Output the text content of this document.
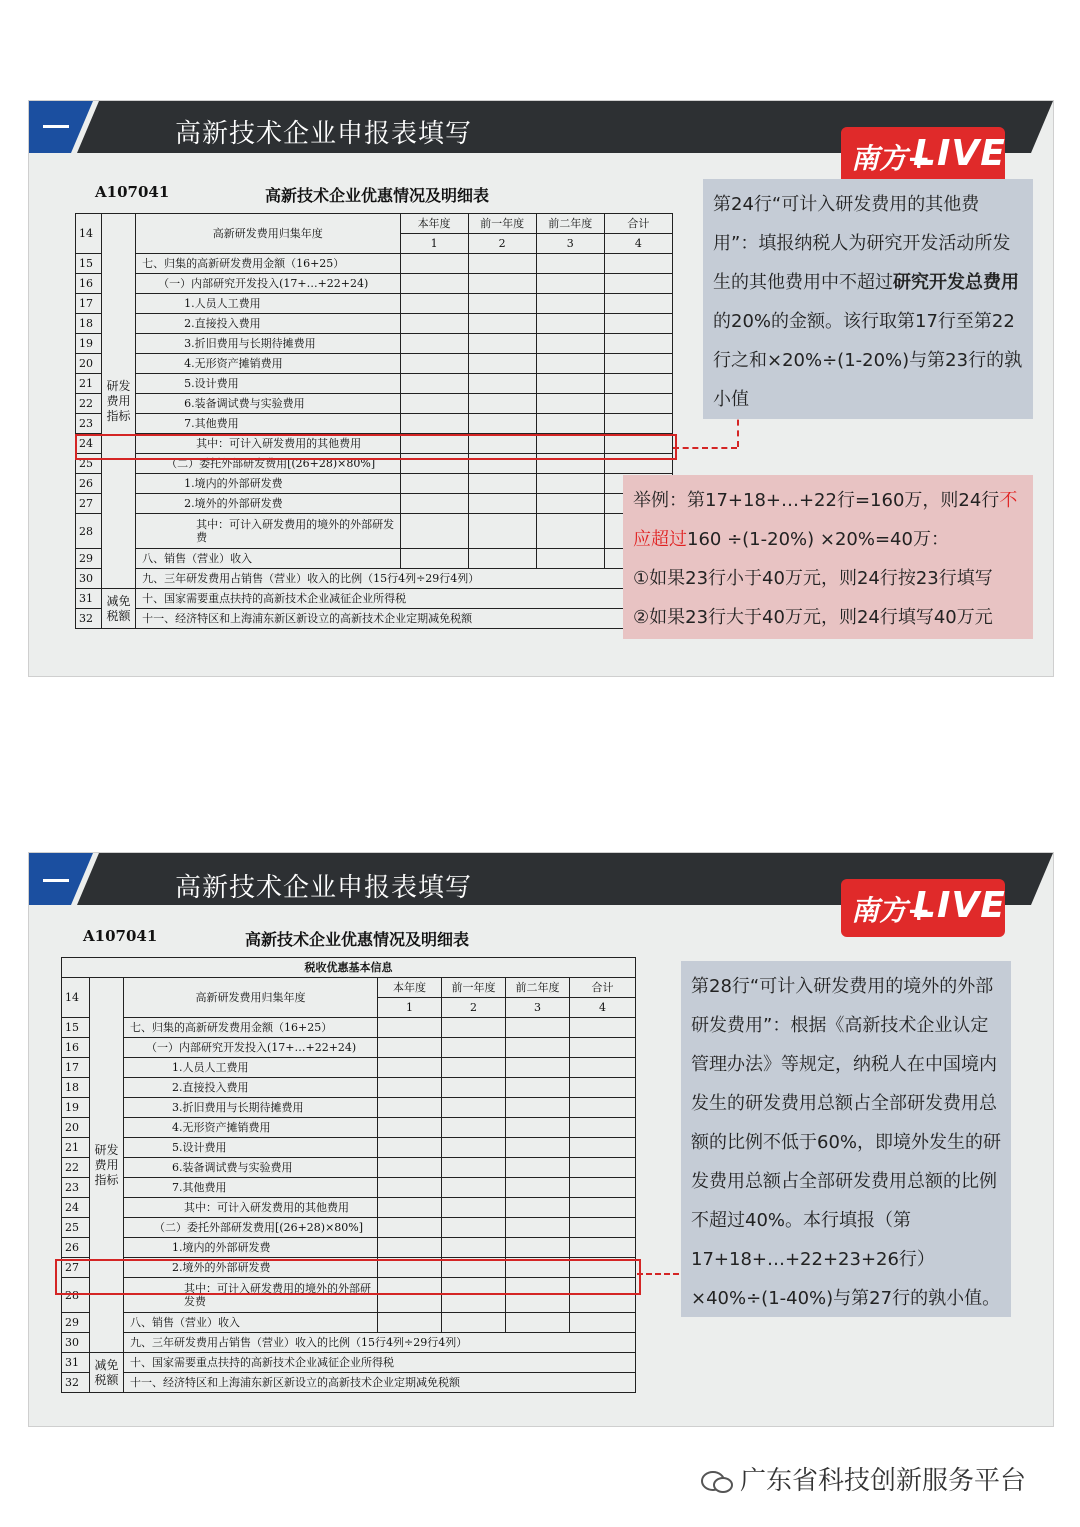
高新技术企业申报表填写
南方+
LIVE
A107041	高新技术企业优惠情况及明细表
14	研发费用指标	高新研发费用归集年度	本年度	前一年度	前二年度	合计
			1	2	3	4
15		七、归集的高新研发费用金额（16+25）				
16		（一）内部研究开发投入(17+…+22+24)				
17		1.人员人工费用				
18		2.直接投入费用				
19		3.折旧费用与长期待摊费用				
20		4.无形资产摊销费用				
21		5.设计费用				
22		6.装备调试费与实验费用				
23		7.其他费用				
24		其中：可计入研发费用的其他费用				
25		（二）委托外部研发费用[(26+28)×80%]				
26		1.境内的外部研发费				
27		2.境外的外部研发费				
28		其中：可计入研发费用的境外的外部研发费				
29		八、销售（营业）收入				
30		九、三年研发费用占销售（营业）收入的比例（15行4列÷29行4列）				
31	减免税额	十、国家需要重点扶持的高新技术企业减征企业所得税				
32		十一、经济特区和上海浦东新区新设立的高新技术企业定期减免税额				
第24行“可计入研发费用的其他费用”：填报纳税人为研究开发活动所发生的其他费用中不超过研究开发总费用的20%的金额。该行取第17行至第22行之和×20%÷(1-20%)与第23行的孰小值
举例：第17+18+…+22行=160万，则24行不应超过160 ÷(1-20%) ×20%=40万：
①如果23行小于40万元，则24行按23行填写
②如果23行大于40万元，则24行填写40万元
高新技术企业申报表填写
南方+
LIVE
A107041	高新技术企业优惠情况及明细表
税收优惠基本信息						
14	研发费用指标	高新研发费用归集年度	本年度	前一年度	前二年度	合计
			1	2	3	4
15		七、归集的高新研发费用金额（16+25）				
16		（一）内部研究开发投入(17+…+22+24)				
17		1.人员人工费用				
18		2.直接投入费用				
19		3.折旧费用与长期待摊费用				
20		4.无形资产摊销费用				
21		5.设计费用				
22		6.装备调试费与实验费用				
23		7.其他费用				
24		其中：可计入研发费用的其他费用				
25		（二）委托外部研发费用[(26+28)×80%]				
26		1.境内的外部研发费				
27		2.境外的外部研发费				
28		其中：可计入研发费用的境外的外部研发费				
29		八、销售（营业）收入				
30		九、三年研发费用占销售（营业）收入的比例（15行4列÷29行4列）				
31	减免税额	十、国家需要重点扶持的高新技术企业减征企业所得税				
32		十一、经济特区和上海浦东新区新设立的高新技术企业定期减免税额				
第28行“可计入研发费用的境外的外部研发费用”：根据《高新技术企业认定管理办法》等规定，纳税人在中国境内发生的研发费用总额占全部研发费用总额的比例不低于60%，即境外发生的研发费用总额占全部研发费用总额的比例不超过40%。本行填报（第17+18+…+22+23+26行）×40%÷(1-40%)与第27行的孰小值。
广东省科技创新服务平台
